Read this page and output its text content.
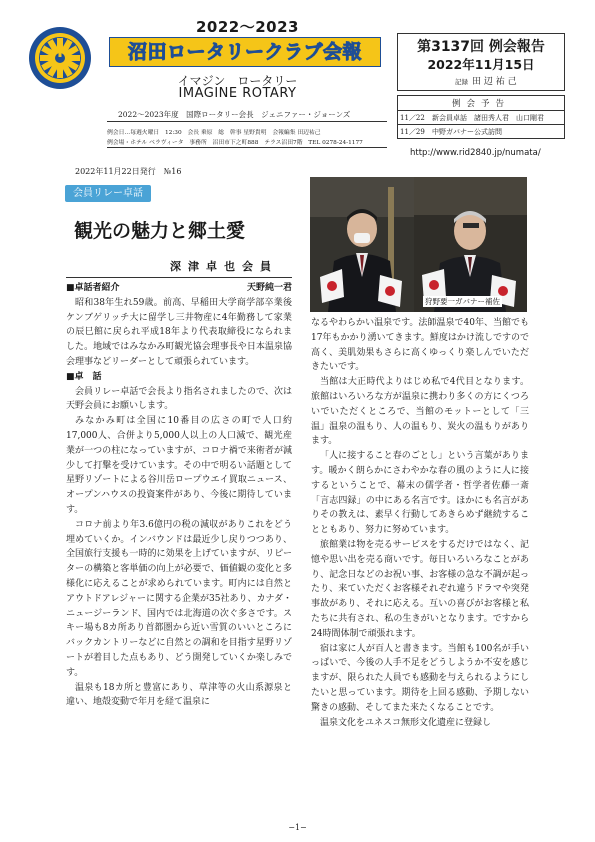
2022～2023
沼田ロータリークラブ会報
イマジン　ロータリー
IMAGINE ROTARY
2022～2023年度　国際ロータリー会長　ジェニファー・ジョーンズ
例会日…毎週火曜日　12:30　会長 乗原　総　幹事 星野貴明　会報編集 田辺祐己
例会場・ホテル ベラヴィータ　事務所　沼田市下之町888　テラス沼田7階　TEL 0278-24-1177
第3137回 例会報告
2022年11月15日
記録 田 辺 祐 己
例会予告	
11／22	新会員卓話　諸田秀人君　山口剛君
11／29	中野ガバナー公式訪問
http://www.rid2840.jp/numata/
2022年11月22日発行　№16
会員リレー卓話
観光の魅力と郷土愛
深津卓也会員
狩野要一ガバナー補佐
■卓話者紹介	天野純一君

昭和38年生れ59歳。前高、早稲田大学商学部卒業後ケンブゲリッチ大に留学し三井物産に4年勤務して家業の辰巳館に戻られ平成18年より代表取締役になられました。地域ではみなかみ町観光協会理事長や日本温泉協会理事などリーダーとして頑張られています。

■卓　話

会員リレー卓話で会長より指名されましたので、次は天野会員にお願いします。

みなかみ町は全国に10番目の広さの町で人口約17,000人、合併より5,000人以上の人口減で、観光産業が一つの柱になっていますが、コロナ禍で来術者が減少して打撃を受けています。その中で明るい話題として星野リゾートによる谷川岳ロープウエイ買取ニュース、オープンハウスの投資案件があり、今後に期待しています。

コロナ前より年3.6億円の税の減収がありこれをどう埋めていくか。インバウンドは最近少し戻りつつあり、全国旅行支援も一時的に効果を上げていますが、リピーターの構築と客単価の向上が必要で、価値観の変化と多様化に応えることが求められています。町内には自然とアウトドアレジャーに関する企業が35社あり、カナダ・ニュージーランド、国内では北海道の次ぐ多さです。スキー場も8カ所あり首都圏から近い雪質のいいところにバックカントリーなどに自然との調和を目指す星野リゾートが着目した点もあり、どう開発していくか楽しみです。

温泉も18カ所と豊富にあり、草津等の火山系源泉と違い、地殻変動で年月を経て温泉に

なるやわらかい温泉です。法師温泉で40年、当館でも17年もかかり湧いてきます。鮮度はかけ流しですので高く、美肌効果もさらに高くゆっくり楽しんでいただきたいです。

当館は大正時代よりはじめ私で4代目となります。旅館はいろいろな方が温泉に携わり多くの方にくつろいでいただくところで、当館のモットーとして「三温」温泉の温もり、人の温もり、炭火の温もりがあります。

「人に接すること春のごとし」という言葉があります。暖かく朗らかにさわやかな春の風のように人に接するということで、幕末の儒学者・哲学者佐藤一斎「言志四録」の中にある名言です。ほかにも名言がありその教えは、素早く行動してあきらめず継続することともあり、努力に努めています。

旅館業は物を売るサービスをするだけではなく、記憶や思い出を売る商いです。毎日いろいろなことがあり、記念日などのお祝い事、お客様の急な不調が起ったり、来ていただくお客様それぞれ違うドラマや突発事故があり、それに応える。互いの喜びがお客様と私たちに共有され、私の生きがいとなります。ですから24時間体制で頑張れます。

宿は家に人が百人と書きます。当館も100名が手いっぱいで、今後の人手不足をどうしようか不安を感じますが、限られた人員でも感動を与えられるようにしたいと思っています。期待を上回る感動、予期しない驚きの感動、そしてまた来たくなることです。

温泉文化をユネスコ無形文化遺産に登録し

−1−
